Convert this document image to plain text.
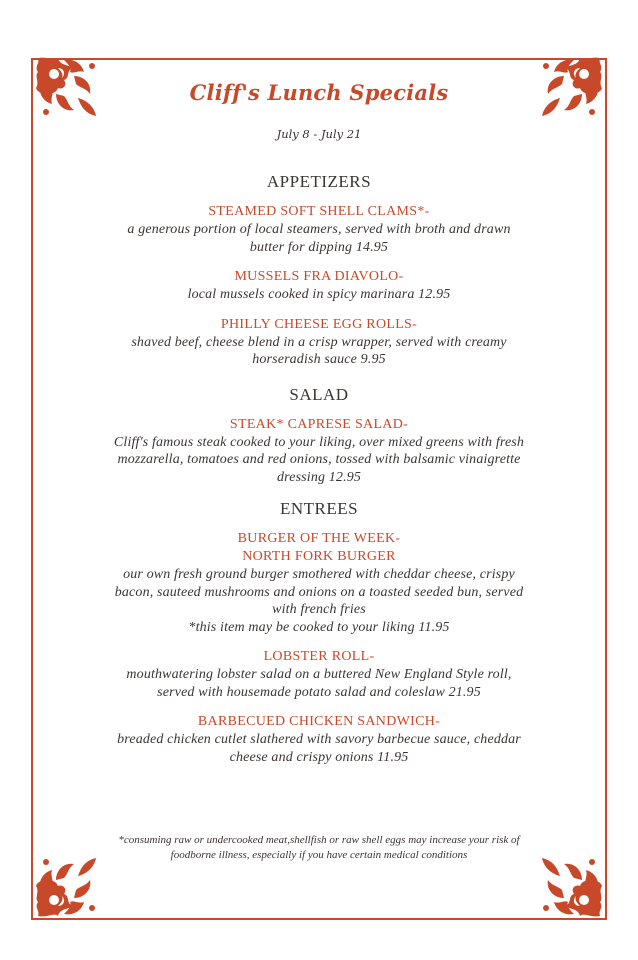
Cliff's Lunch Specials
July 8 - July 21
APPETIZERS
STEAMED SOFT SHELL CLAMS*-
a generous portion of local steamers, served with broth and drawn
butter for dipping 14.95
MUSSELS FRA DIAVOLO-
local mussels cooked in spicy marinara 12.95
PHILLY CHEESE EGG ROLLS-
shaved beef, cheese blend in a crisp wrapper, served with creamy
horseradish sauce 9.95
SALAD
STEAK* CAPRESE SALAD-
Cliff's famous steak cooked to your liking, over mixed greens with fresh
mozzarella, tomatoes and red onions, tossed with balsamic vinaigrette
dressing 12.95
ENTREES
BURGER OF THE WEEK-
NORTH FORK BURGER
our own fresh ground burger smothered with cheddar cheese, crispy
bacon, sauteed mushrooms and onions on a toasted seeded bun, served
with french fries
*this item may be cooked to your liking 11.95
LOBSTER ROLL-
mouthwatering lobster salad on a buttered New England Style roll,
served with housemade potato salad and coleslaw 21.95
BARBECUED CHICKEN SANDWICH-
breaded chicken cutlet slathered with savory barbecue sauce, cheddar
cheese and crispy onions 11.95
*consuming raw or undercooked meat,shellfish or raw shell eggs may increase your risk of
foodborne illness, especially if you have certain medical conditions
